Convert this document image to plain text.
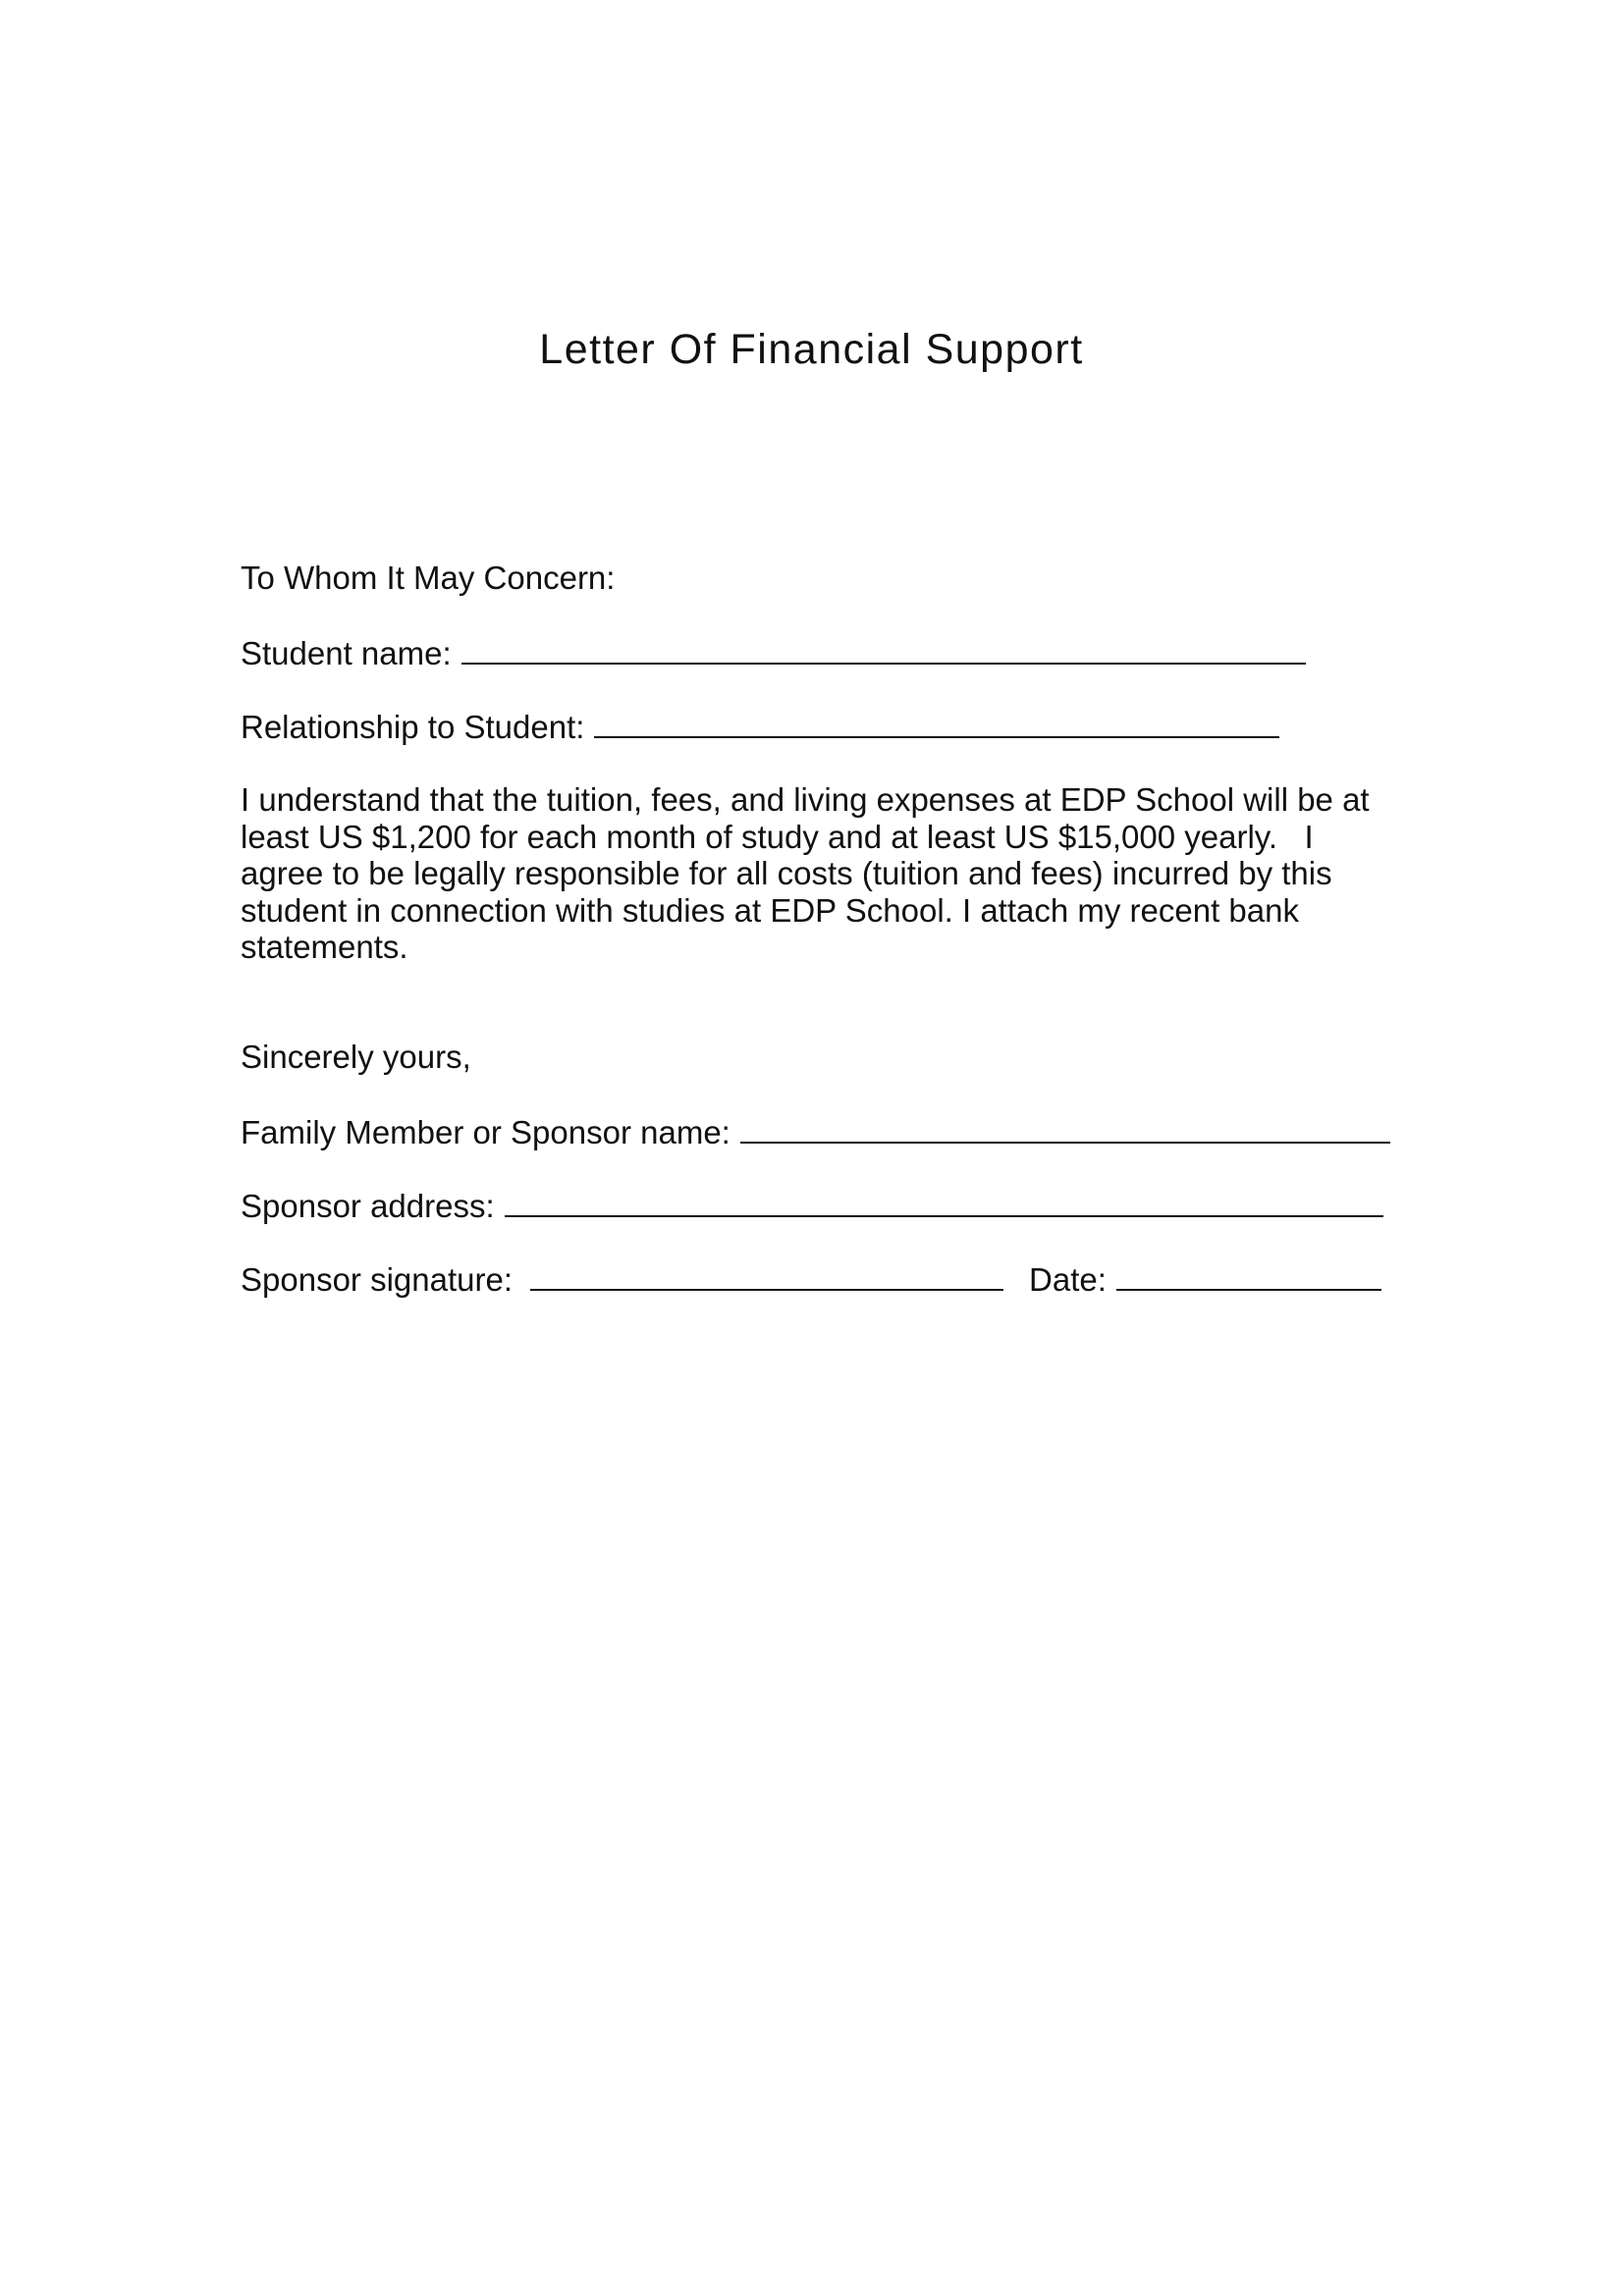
Letter Of Financial Support

To Whom It May Concern:

Student name:

Relationship to Student:

I understand that the tuition, fees, and living expenses at EDP School will be at
least US $1,200 for each month of study and at least US $15,000 yearly.   I
agree to be legally responsible for all costs (tuition and fees) incurred by this
student in connection with studies at EDP School. I attach my recent bank
statements.

Sincerely yours,

Family Member or Sponsor name:

Sponsor address:

Sponsor signature:	Date:
